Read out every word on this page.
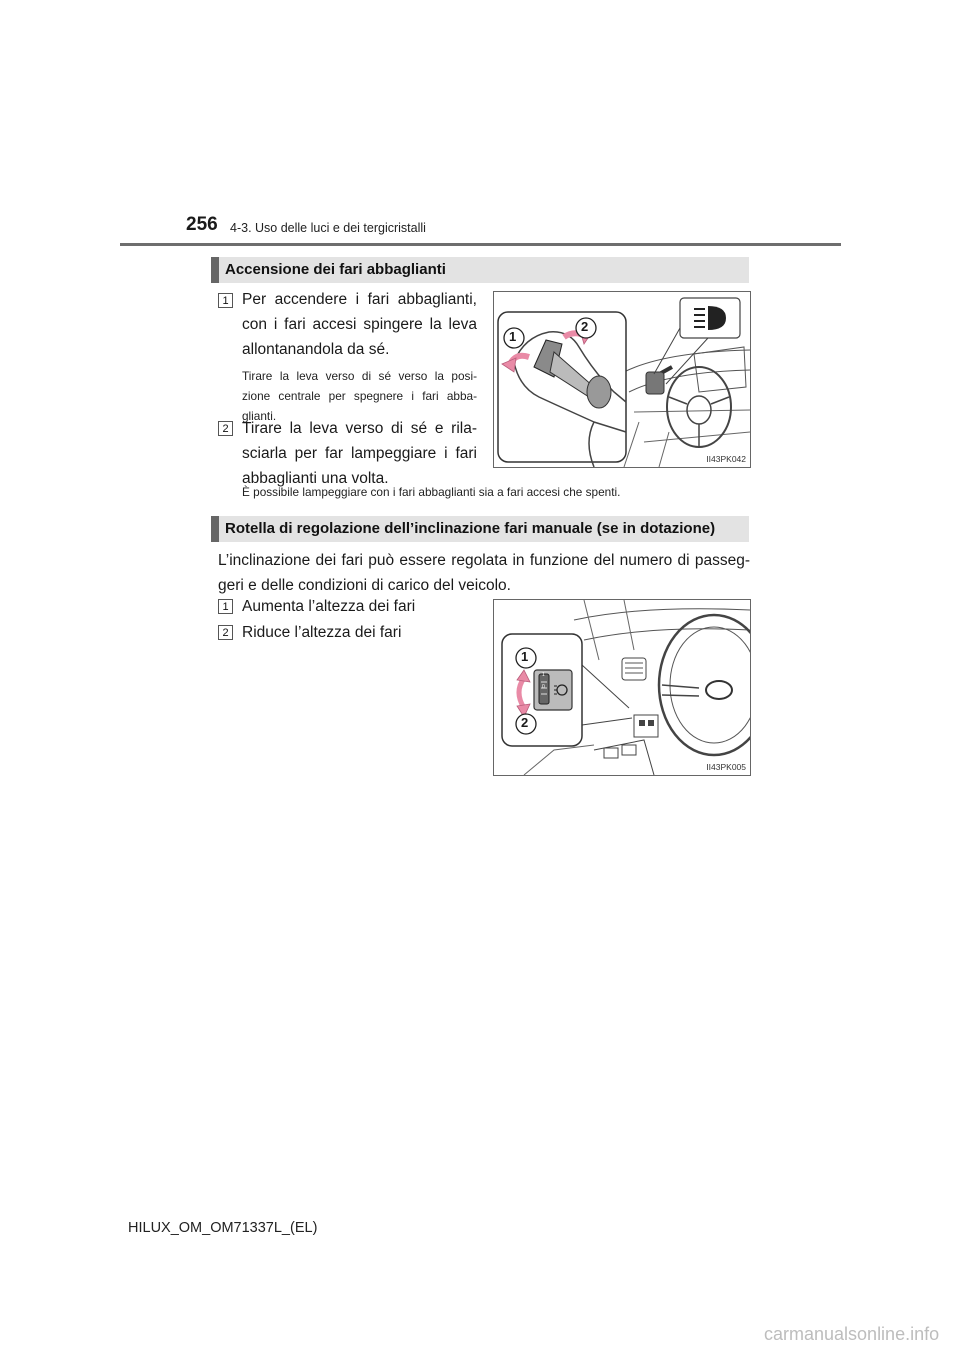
256 4-3. Uso delle luci e dei tergicristalli
Accensione dei fari abbaglianti
1 Per accendere i fari abbaglianti,
con i fari accesi spingere la leva
allontanandola da sé.
Tirare la leva verso di sé verso la posi-
zione centrale per spegnere i fari abba-
glianti.
2 Tirare la leva verso di sé e rila-
sciarla per far lampeggiare i fari
abbaglianti una volta.
È possibile lampeggiare con i fari abbaglianti sia a fari accesi che spenti.
1
2
II43PK042
Rotella di regolazione dell’inclinazione fari manuale (se in dotazione)
L’inclinazione dei fari può essere regolata in funzione del numero di passeg-
geri e delle condizioni di carico del veicolo.
1 Aumenta l’altezza dei fari
2 Riduce l’altezza dei fari
1
2
1
0
II43PK005
HILUX_OM_OM71337L_(EL)
carmanualsonline.info
